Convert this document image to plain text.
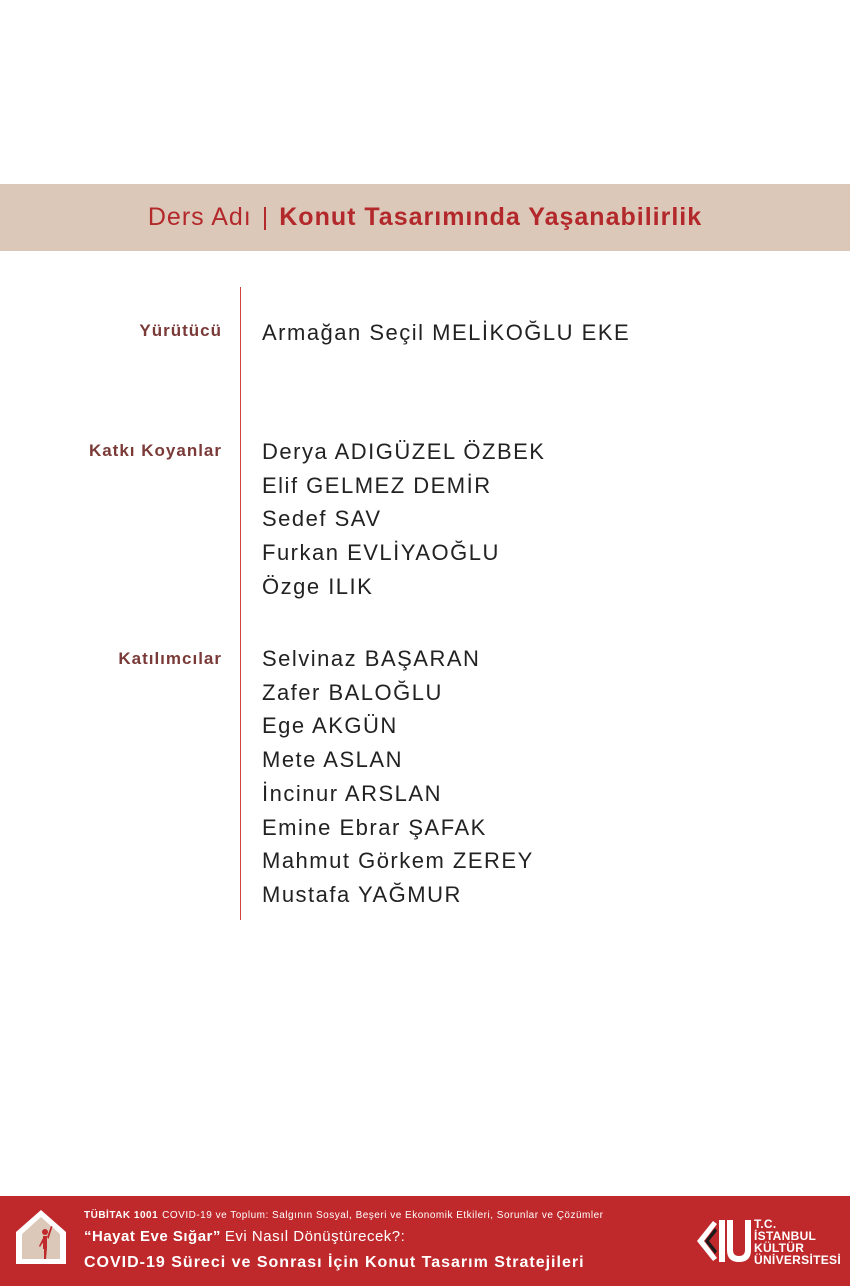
Ders Adı | Konut Tasarımında Yaşanabilirlik
Yürütücü Armağan Seçil MELİKOĞLU EKE
Katkı Koyanlar Derya ADIGÜZEL ÖZBEK
Elif GELMEZ DEMİR
Sedef SAV
Furkan EVLİYAOĞLU
Özge ILIK
Katılımcılar Selvinaz BAŞARAN
Zafer BALOĞLU
Ege AKGÜN
Mete ASLAN
İncinur ARSLAN
Emine Ebrar ŞAFAK
Mahmut Görkem ZEREY
Mustafa YAĞMUR
TÜBİTAK 1001 COVID-19 ve Toplum: Salgının Sosyal, Beşeri ve Ekonomik Etkileri, Sorunlar ve Çözümler
“Hayat Eve Sığar” Evi Nasıl Dönüştürecek?:
COVID-19 Süreci ve Sonrası İçin Konut Tasarım Stratejileri
T.C.
İSTANBUL
KÜLTÜR
ÜNİVERSİTESİ
